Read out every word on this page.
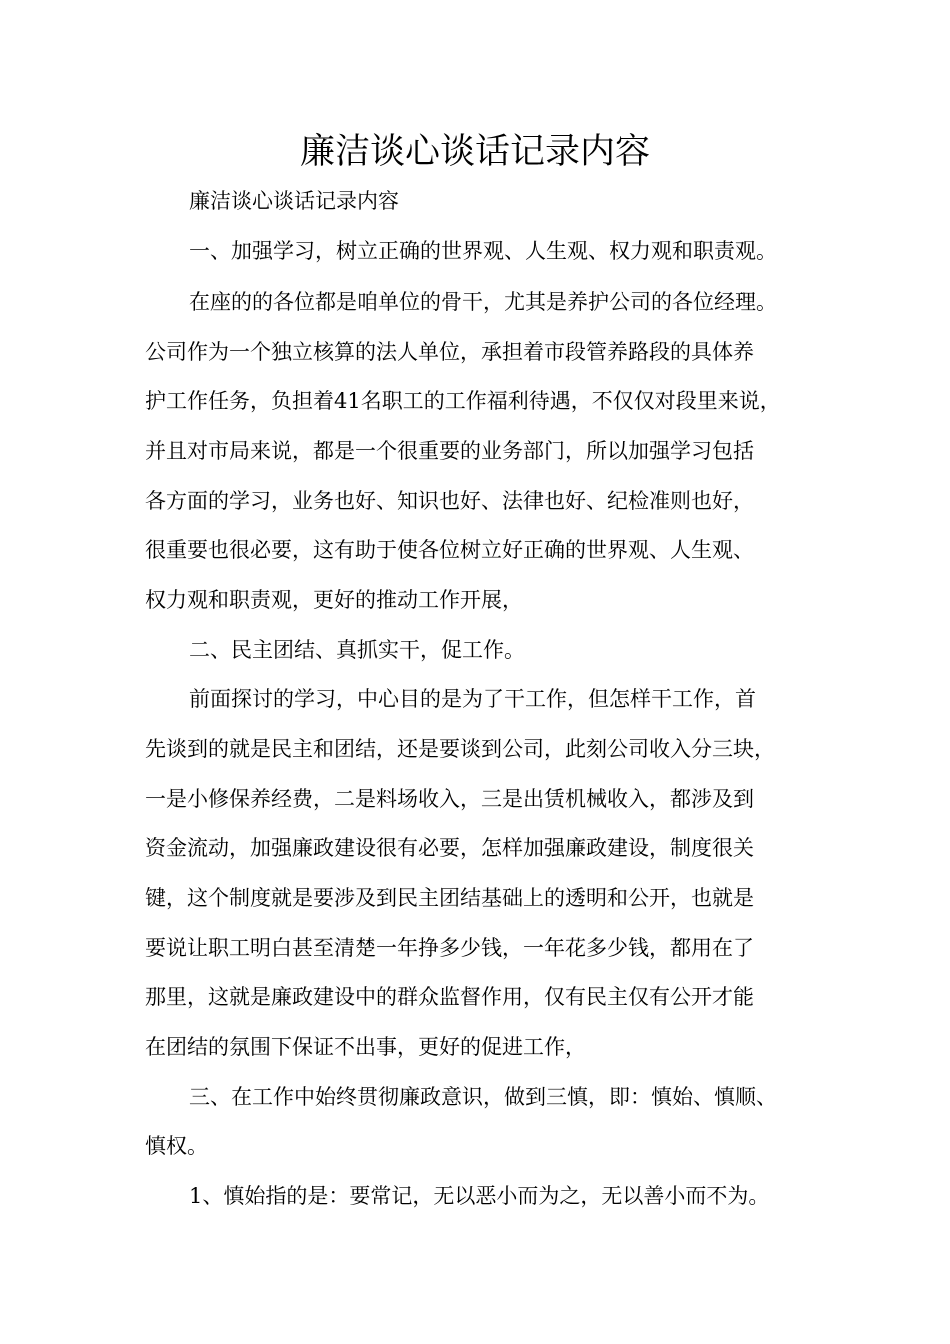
廉洁谈心谈话记录内容
廉洁谈心谈话记录内容
一、加强学习，树立正确的世界观、人生观、权力观和职责观。
在座的的各位都是咱单位的骨干，尤其是养护公司的各位经理。
公司作为一个独立核算的法人单位，承担着市段管养路段的具体养
护工作任务，负担着41名职工的工作福利待遇，不仅仅对段里来说，
并且对市局来说，都是一个很重要的业务部门，所以加强学习包括
各方面的学习，业务也好、知识也好、法律也好、纪检准则也好，
很重要也很必要，这有助于使各位树立好正确的世界观、人生观、
权力观和职责观，更好的推动工作开展，
二、民主团结、真抓实干，促工作。
前面探讨的学习，中心目的是为了干工作，但怎样干工作，首
先谈到的就是民主和团结，还是要谈到公司，此刻公司收入分三块，
一是小修保养经费，二是料场收入，三是出赁机械收入，都涉及到
资金流动，加强廉政建设很有必要，怎样加强廉政建设，制度很关
键，这个制度就是要涉及到民主团结基础上的透明和公开，也就是
要说让职工明白甚至清楚一年挣多少钱，一年花多少钱，都用在了
那里，这就是廉政建设中的群众监督作用，仅有民主仅有公开才能
在团结的氛围下保证不出事，更好的促进工作，
三、在工作中始终贯彻廉政意识，做到三慎，即：慎始、慎顺、
慎权。
1、慎始指的是：要常记，无以恶小而为之，无以善小而不为。
